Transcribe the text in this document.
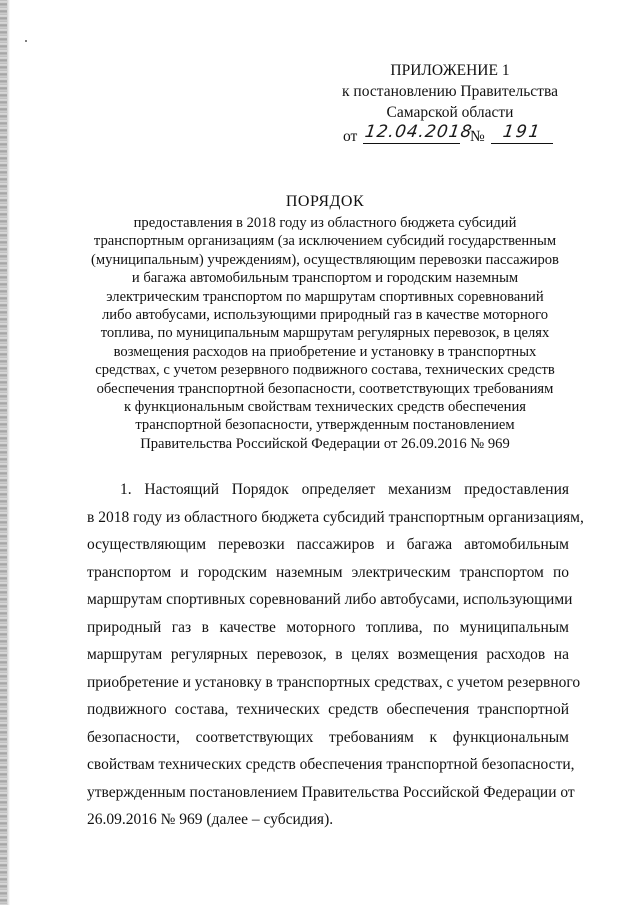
ПРИЛОЖЕНИЕ 1
к постановлению Правительства
Самарской области
от 12.04.2018
№ 191
ПОРЯДОК
предоставления в 2018 году из областного бюджета субсидий
транспортным организациям (за исключением субсидий государственным
(муниципальным) учреждениям), осуществляющим перевозки пассажиров
и багажа автомобильным транспортом и городским наземным
электрическим транспортом по маршрутам спортивных соревнований
либо автобусами, использующими природный газ в качестве моторного
топлива, по муниципальным маршрутам регулярных перевозок, в целях
возмещения расходов на приобретение и установку в транспортных
средствах, с учетом резервного подвижного состава, технических средств
обеспечения транспортной безопасности, соответствующих требованиям
к функциональным свойствам технических средств обеспечения
транспортной безопасности, утвержденным постановлением
Правительства Российской Федерации от 26.09.2016 № 969
1. Настоящий Порядок определяет механизм предоставления
в 2018 году из областного бюджета субсидий транспортным организациям,
осуществляющим перевозки пассажиров и багажа автомобильным
транспортом и городским наземным электрическим транспортом по
маршрутам спортивных соревнований либо автобусами, использующими
природный газ в качестве моторного топлива, по муниципальным
маршрутам регулярных перевозок, в целях возмещения расходов на
приобретение и установку в транспортных средствах, с учетом резервного
подвижного состава, технических средств обеспечения транспортной
безопасности, соответствующих требованиям к функциональным
свойствам технических средств обеспечения транспортной безопасности,
утвержденным постановлением Правительства Российской Федерации от
26.09.2016 № 969 (далее – субсидия).
